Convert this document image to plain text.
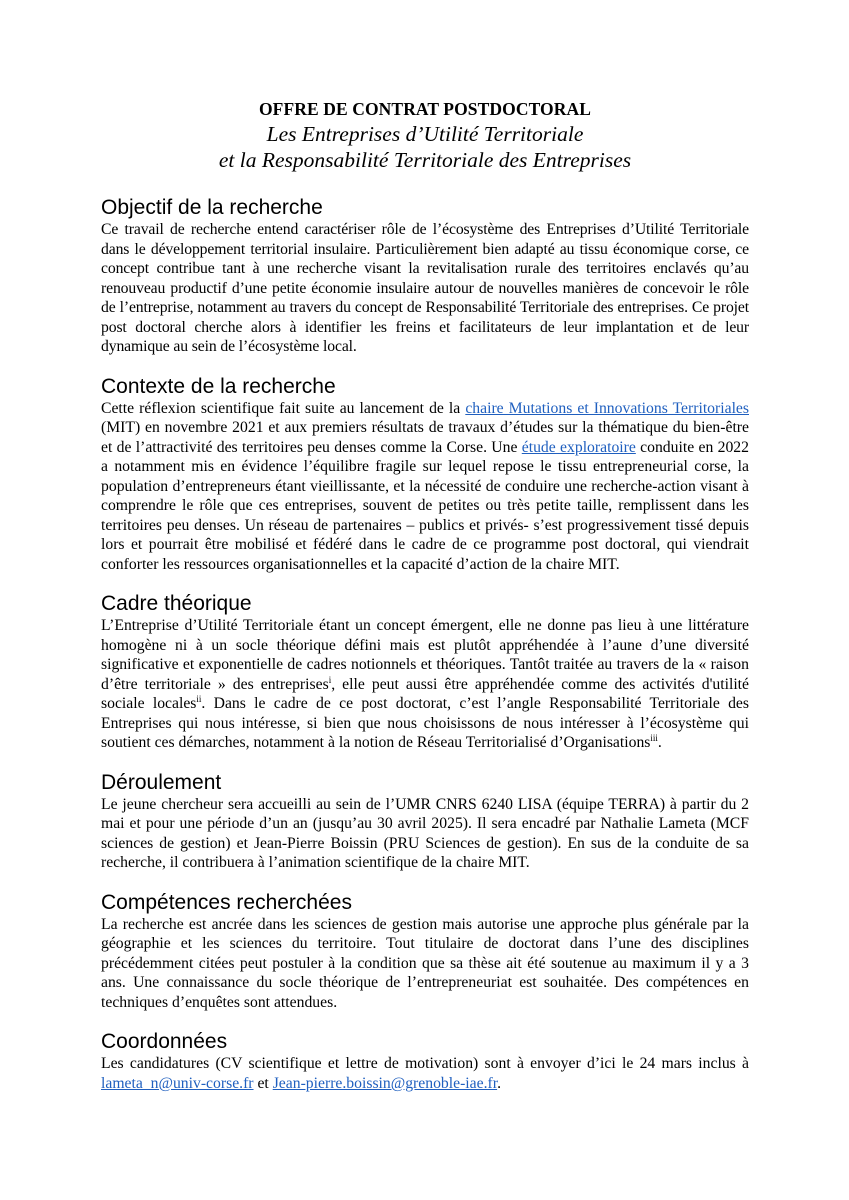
OFFRE DE CONTRAT POSTDOCTORAL
Les Entreprises d’Utilité Territoriale
et la Responsabilité Territoriale des Entreprises
Objectif de la recherche

Ce travail de recherche entend caractériser rôle de l’écosystème des Entreprises d’Utilité Territoriale dans le développement territorial insulaire. Particulièrement bien adapté au tissu économique corse, ce concept contribue tant à une recherche visant la revitalisation rurale des territoires enclavés qu’au renouveau productif d’une petite économie insulaire autour de nouvelles manières de concevoir le rôle de l’entreprise, notamment au travers du concept de Responsabilité Territoriale des entreprises. Ce projet post doctoral cherche alors à identifier les freins et facilitateurs de leur implantation et de leur dynamique au sein de l’écosystème local.

Contexte de la recherche

Cette réflexion scientifique fait suite au lancement de la chaire Mutations et Innovations Territoriales (MIT) en novembre 2021 et aux premiers résultats de travaux d’études sur la thématique du bien-être et de l’attractivité des territoires peu denses comme la Corse. Une étude exploratoire conduite en 2022 a notamment mis en évidence l’équilibre fragile sur lequel repose le tissu entrepreneurial corse, la population d’entrepreneurs étant vieillissante, et la nécessité de conduire une recherche-action visant à comprendre le rôle que ces entreprises, souvent de petites ou très petite taille, remplissent dans les territoires peu denses. Un réseau de partenaires – publics et privés- s’est progressivement tissé depuis lors et pourrait être mobilisé et fédéré dans le cadre de ce programme post doctoral, qui viendrait conforter les ressources organisationnelles et la capacité d’action de la chaire MIT.

Cadre théorique

L’Entreprise d’Utilité Territoriale étant un concept émergent, elle ne donne pas lieu à une littérature homogène ni à un socle théorique défini mais est plutôt appréhendée à l’aune d’une diversité significative et exponentielle de cadres notionnels et théoriques. Tantôt traitée au travers de la « raison d’être territoriale » des entreprises$^i$, elle peut aussi être appréhendée comme des activités d'utilité sociale locales$^{ii}$. Dans le cadre de ce post doctorat, c’est l’angle Responsabilité Territoriale des Entreprises qui nous intéresse, si bien que nous choisissons de nous intéresser à l’écosystème qui soutient ces démarches, notamment à la notion de Réseau Territorialisé d’Organisations$^{iii}$.

Déroulement

Le jeune chercheur sera accueilli au sein de l’UMR CNRS 6240 LISA (équipe TERRA) à partir du 2 mai et pour une période d’un an (jusqu’au 30 avril 2025). Il sera encadré par Nathalie Lameta (MCF sciences de gestion) et Jean-Pierre Boissin (PRU Sciences de gestion). En sus de la conduite de sa recherche, il contribuera à l’animation scientifique de la chaire MIT.

Compétences recherchées

La recherche est ancrée dans les sciences de gestion mais autorise une approche plus générale par la géographie et les sciences du territoire. Tout titulaire de doctorat dans l’une des disciplines précédemment citées peut postuler à la condition que sa thèse ait été soutenue au maximum il y a 3 ans. Une connaissance du socle théorique de l’entrepreneuriat est souhaitée. Des compétences en techniques d’enquêtes sont attendues.

Coordonnées

Les candidatures (CV scientifique et lettre de motivation) sont à envoyer d’ici le 24 mars inclus à lameta_n@univ-corse.fr et Jean-pierre.boissin@grenoble-iae.fr.
